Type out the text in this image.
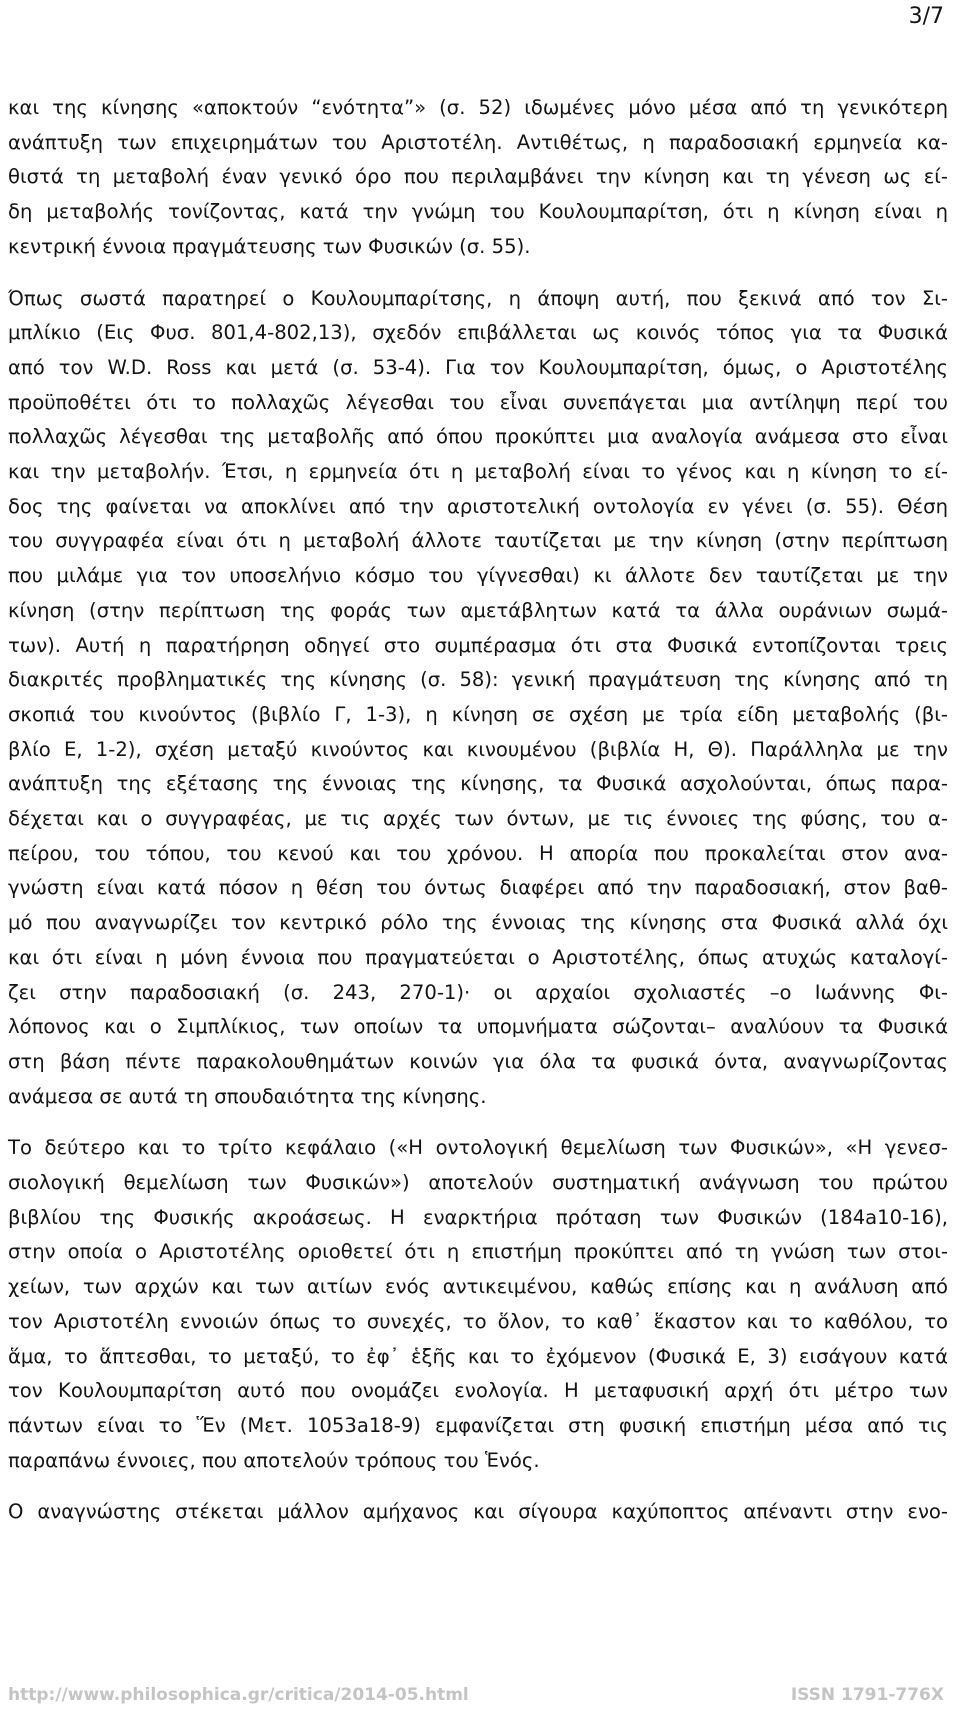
3/7
και της κίνησης «αποκτούν “ενότητα”» (σ. 52) ιδωμένες μόνο μέσα από τη γενικότερη
ανάπτυξη των επιχειρημάτων του Αριστοτέλη. Αντιθέτως, η παραδοσιακή ερμηνεία κα-
θιστά τη μεταβολή έναν γενικό όρο που περιλαμβάνει την κίνηση και τη γένεση ως εί-
δη μεταβολής τονίζοντας, κατά την γνώμη του Κουλουμπαρίτση, ότι η κίνηση είναι η
κεντρική έννοια πραγμάτευσης των Φυσικών (σ. 55).
Όπως σωστά παρατηρεί ο Κουλουμπαρίτσης, η άποψη αυτή, που ξεκινά από τον Σι-
μπλίκιο (Εις Φυσ. 801,4-802,13), σχεδόν επιβάλλεται ως κοινός τόπος για τα Φυσικά
από τον W.D. Ross και μετά (σ. 53-4). Για τον Κουλουμπαρίτση, όμως, ο Αριστοτέλης
προϋποθέτει ότι το πολλαχῶς λέγεσθαι του εἶναι συνεπάγεται μια αντίληψη περί του
πολλαχῶς λέγεσθαι της μεταβολῆς από όπου προκύπτει μια αναλογία ανάμεσα στο εἶναι
και την μεταβολήν. Έτσι, η ερμηνεία ότι η μεταβολή είναι το γένος και η κίνηση το εί-
δος της φαίνεται να αποκλίνει από την αριστοτελική οντολογία εν γένει (σ. 55). Θέση
του συγγραφέα είναι ότι η μεταβολή άλλοτε ταυτίζεται με την κίνηση (στην περίπτωση
που μιλάμε για τον υποσελήνιο κόσμο του γίγνεσθαι) κι άλλοτε δεν ταυτίζεται με την
κίνηση (στην περίπτωση της φοράς των αμετάβλητων κατά τα άλλα ουράνιων σωμά-
των). Αυτή η παρατήρηση οδηγεί στο συμπέρασμα ότι στα Φυσικά εντοπίζονται τρεις
διακριτές προβληματικές της κίνησης (σ. 58): γενική πραγμάτευση της κίνησης από τη
σκοπιά του κινούντος (βιβλίο Γ, 1-3), η κίνηση σε σχέση με τρία είδη μεταβολής (βι-
βλίο Ε, 1-2), σχέση μεταξύ κινούντος και κινουμένου (βιβλία Η, Θ). Παράλληλα με την
ανάπτυξη της εξέτασης της έννοιας της κίνησης, τα Φυσικά ασχολούνται, όπως παρα-
δέχεται και ο συγγραφέας, με τις αρχές των όντων, με τις έννοιες της φύσης, του α-
πείρου, του τόπου, του κενού και του χρόνου. Η απορία που προκαλείται στον ανα-
γνώστη είναι κατά πόσον η θέση του όντως διαφέρει από την παραδοσιακή, στον βαθ-
μό που αναγνωρίζει τον κεντρικό ρόλο της έννοιας της κίνησης στα Φυσικά αλλά όχι
και ότι είναι η μόνη έννοια που πραγματεύεται ο Αριστοτέλης, όπως ατυχώς καταλογί-
ζει στην παραδοσιακή (σ. 243, 270-1)· οι αρχαίοι σχολιαστές –ο Ιωάννης Φι-
λόπονος και ο Σιμπλίκιος, των οποίων τα υπομνήματα σώζονται– αναλύουν τα Φυσικά
στη βάση πέντε παρακολουθημάτων κοινών για όλα τα φυσικά όντα, αναγνωρίζοντας
ανάμεσα σε αυτά τη σπουδαιότητα της κίνησης.
Το δεύτερο και το τρίτο κεφάλαιο («Η οντολογική θεμελίωση των Φυσικών», «Η γενεσ-
σιολογική θεμελίωση των Φυσικών») αποτελούν συστηματική ανάγνωση του πρώτου
βιβλίου της Φυσικής ακροάσεως. Η εναρκτήρια πρόταση των Φυσικών (184a10-16),
στην οποία ο Αριστοτέλης οριοθετεί ότι η επιστήμη προκύπτει από τη γνώση των στοι-
χείων, των αρχών και των αιτίων ενός αντικειμένου, καθώς επίσης και η ανάλυση από
τον Αριστοτέλη εννοιών όπως το συνεχές, το ὅλον, το καθ᾽ ἕκαστον και το καθόλου, το
ἅμα, το ἅπτεσθαι, το μεταξύ, το ἐφ᾽ ἑξῆς και το ἐχόμενον (Φυσικά Ε, 3) εισάγουν κατά
τον Κουλουμπαρίτση αυτό που ονομάζει ενολογία. Η μεταφυσική αρχή ότι μέτρο των
πάντων είναι το Ἕν (Μετ. 1053a18-9) εμφανίζεται στη φυσική επιστήμη μέσα από τις
παραπάνω έννοιες, που αποτελούν τρόπους του Ἑνός.
Ο αναγνώστης στέκεται μάλλον αμήχανος και σίγουρα καχύποπτος απέναντι στην ενο-
http://www.philosophica.gr/critica/2014-05.html	ISSN 1791-776X
